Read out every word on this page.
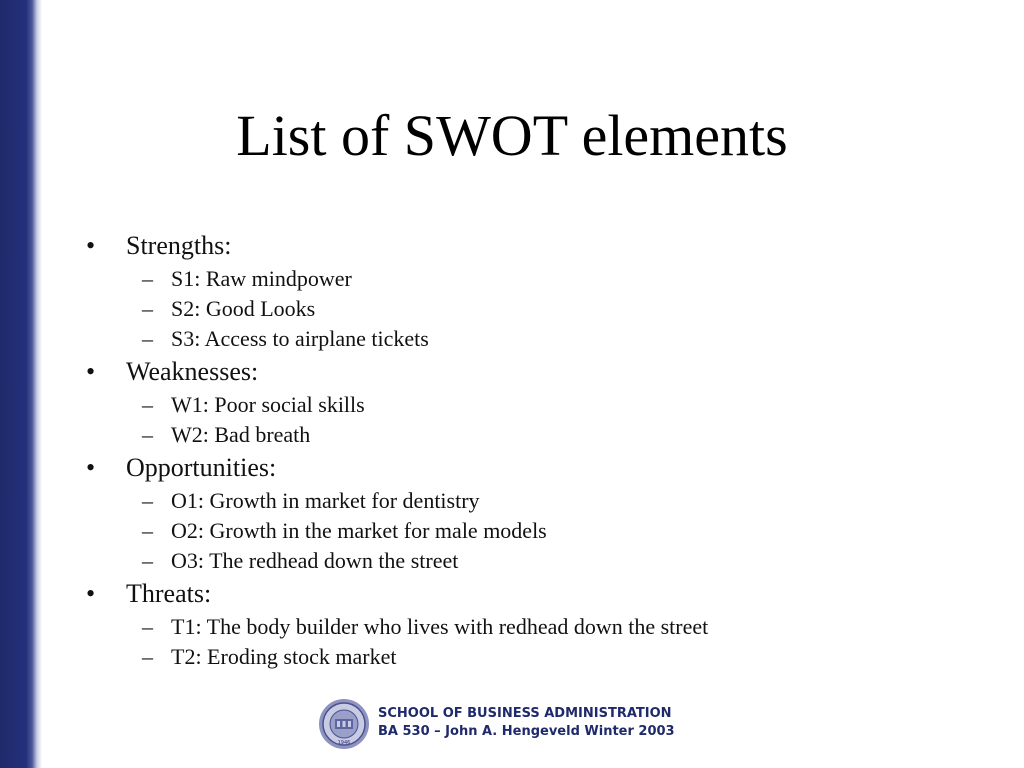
List of SWOT elements
•	Strengths:
– S1: Raw mindpower
– S2: Good Looks
– S3: Access to airplane tickets
•	Weaknesses:
– W1: Poor social skills
– W2: Bad breath
•	Opportunities:
– O1: Growth in market for dentistry
– O2: Growth in the market for male models
– O3: The redhead down the street
•	Threats:
– T1: The body builder who lives with redhead down the street
– T2: Eroding stock market
1946
SCHOOL OF BUSINESS ADMINISTRATION
BA 530 – John A. Hengeveld Winter 2003
